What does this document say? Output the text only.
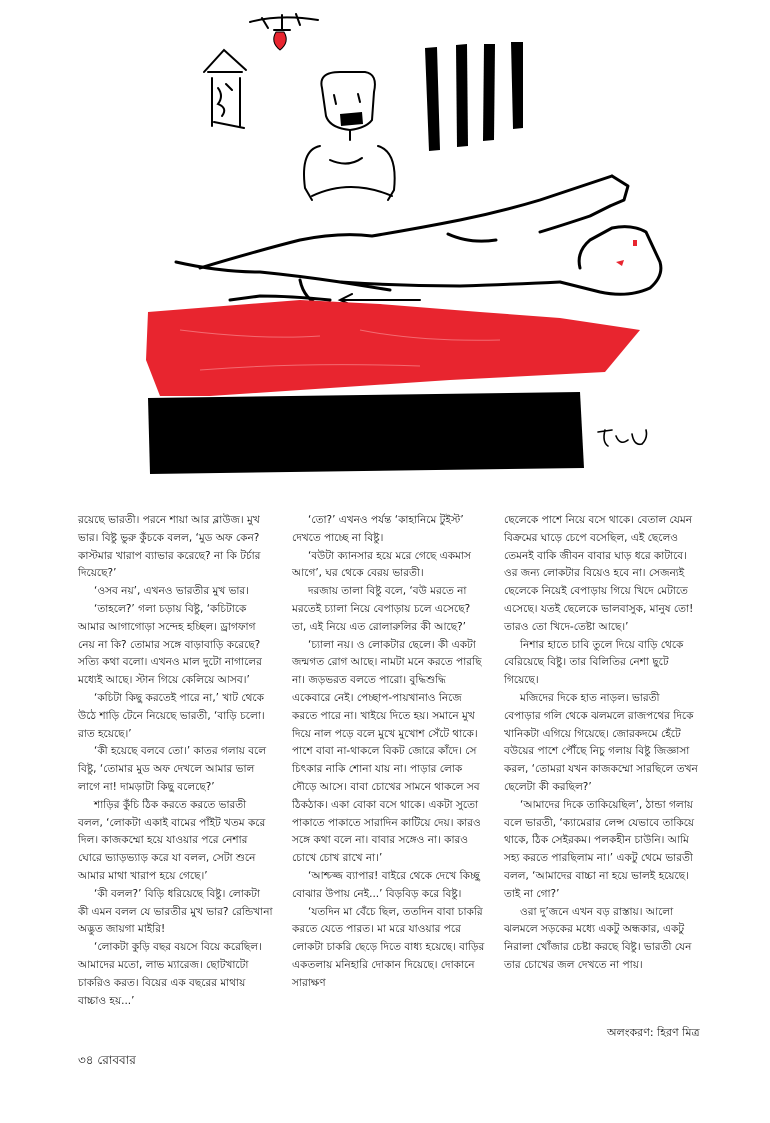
রয়েছে ভারতী। পরনে শায়া আর ব্লাউজ। মুখ ভার। বিষ্টু ভুরু কুঁচকে বলল, ‘মুড অফ কেন? কাস্টমার খারাপ ব্যাভার করেছে? না কি টর্চার দিয়েছে?’

‘ওসব নয়’, এখনও ভারতীর মুখ ভার।

‘তাহলে?’ গলা চড়ায় বিষ্টু, ‘কচিটাকে আমার আগাগোড়া সন্দেহ হচ্ছিল। ড্রাগফাগ নেয় না কি? তোমার সঙ্গে বাড়াবাড়ি করেছে? সত্যি কথা বলো। এখনও মাল দুটো নাগালের মধ্যেই আছে। স্টান গিয়ে কেলিয়ে আসব।’

‘কচিটা কিছু করতেই পারে না,’ খাট থেকে উঠে শাড়ি টেনে নিয়েছে ভারতী, ‘বাড়ি চলো। রাত হয়েছে।’

‘কী হয়েছে বলবে তো।’ কাতর গলায় বলে বিষ্টু, ‘তোমার মুড অফ দেখলে আমার ভাল লাগে না! দামড়াটা কিছু বলেছে?’

শাড়ির কুঁচি ঠিক করতে করতে ভারতী বলল, ‘লোকটা একাই বামের পাঁইট খতম করে দিল। কাজকম্মো হয়ে যাওয়ার পরে নেশার ঘোরে ভ্যাড়ভ্যাড় করে যা বলল, সেটা শুনে আমার মাথা খারাপ হয়ে গেছে।’

‘কী বলল?’ বিড়ি ধরিয়েছে বিষ্টু। লোকটা কী এমন বলল যে ভারতীর মুখ ভার? রেন্ডিখানা অদ্ভুত জায়গা মাইরি!

‘লোকটা কুড়ি বছর বয়সে বিয়ে করেছিল। আমাদের মতো, লাভ ম্যারেজ। ছোটখাটো চাকরিও করত। বিয়ের এক বছরের মাথায় বাচ্চাও হয়...’

‘তো?’ এখনও পর্যন্ত ‘কাহানিমে টুইস্ট’ দেখতে পাচ্ছে না বিষ্টু।

‘বউটা ক্যানসার হয়ে মরে গেছে একমাস আগে’, ঘর থেকে বেরয় ভারতী।

দরজায় তালা বিষ্টু বলে, ‘বউ মরতে না মরতেই চ্যালা নিয়ে বেপাড়ায় চলে এসেছে? তা, এই নিয়ে এত রোলারুলির কী আছে?’

‘চ্যালা নয়। ও লোকটার ছেলে। কী একটা জন্মগত রোগ আছে। নামটা মনে করতে পারছি না। জড়ভরত বলতে পারো। বুদ্ধিশুদ্ধি একেবারে নেই। পেচ্ছাপ-পায়খানাও নিজে করতে পারে না। খাইয়ে দিতে হয়। সমানে মুখ দিয়ে নাল পড়ে বলে মুখে মুখোশ সেঁটে থাকে। পাশে বাবা না-থাকলে বিকট জোরে কাঁদে। সে চিৎকার নাকি শোনা যায় না। পাড়ার লোক দৌড়ে আসে। বাবা চোখের সামনে থাকলে সব ঠিকঠাক। একা বোকা বসে থাকে। একটা সুতো পাকাতে পাকাতে সারাদিন কাটিয়ে দেয়। কারও সঙ্গে কথা বলে না। বাবার সঙ্গেও না। কারও চোখে চোখ রাখে না।’

‘আশ্চজ্জ ব্যাপার! বাইরে থেকে দেখে কিচ্ছু বোঝার উপায় নেই...’ বিড়বিড় করে বিষ্টু।

‘যতদিন মা বেঁচে ছিল, ততদিন বাবা চাকরি করতে যেতে পারত। মা মরে যাওয়ার পরে লোকটা চাকরি ছেড়ে দিতে বাধ্য হয়েছে। বাড়ির একতলায় মনিহারি দোকান দিয়েছে। দোকানে সারাক্ষণ

ছেলেকে পাশে নিয়ে বসে থাকে। বেতাল যেমন বিক্রমের ঘাড়ে চেপে বসেছিল, এই ছেলেও তেমনই বাকি জীবন বাবার ঘাড় ধরে কাটাবে। ওর জন্য লোকটার বিয়েও হবে না। সেজন্যই ছেলেকে নিয়েই বেপাড়ায় গিয়ে খিদে মেটাতে এসেছে। যতই ছেলেকে ভালবাসুক, মানুষ তো! তারও তো খিদে-তেষ্টা আছে।’

নিশার হাতে চাবি তুলে দিয়ে বাড়ি থেকে বেরিয়েছে বিষ্টু। তার বিলিতির নেশা ছুটে গিয়েছে।

মজিদের দিকে হাত নাড়ল। ভারতী বেপাড়ার গলি থেকে ঝলমলে রাজপথের দিকে খানিকটা এগিয়ে গিয়েছে। জোরকদমে হেঁটে বউয়ের পাশে পৌঁছে নিচু গলায় বিষ্টু জিজ্ঞাসা করল, ‘তোমরা যখন কাজকম্মো সারছিলে তখন ছেলেটা কী করছিল?’

‘আমাদের দিকে তাকিয়েছিল’, ঠান্ডা গলায় বলে ভারতী, ‘ক্যামেরার লেন্স যেভাবে তাকিয়ে থাকে, ঠিক সেইরকম। পলকহীন চাউনি। আমি সহ্য করতে পারছিলাম না।’ একটু থেমে ভারতী বলল, ‘আমাদের বাচ্চা না হয়ে ভালই হয়েছে। তাই না গো?’

ওরা দু’জনে এখন বড় রাস্তায়। আলো ঝলমলে সড়কের মধ্যে একটু অন্ধকার, একটু নিরালা খোঁজার চেষ্টা করছে বিষ্টু। ভারতী যেন তার চোখের জল দেখতে না পায়।

অলংকরণ: হিরণ মিত্র
৩৪ রোববার
